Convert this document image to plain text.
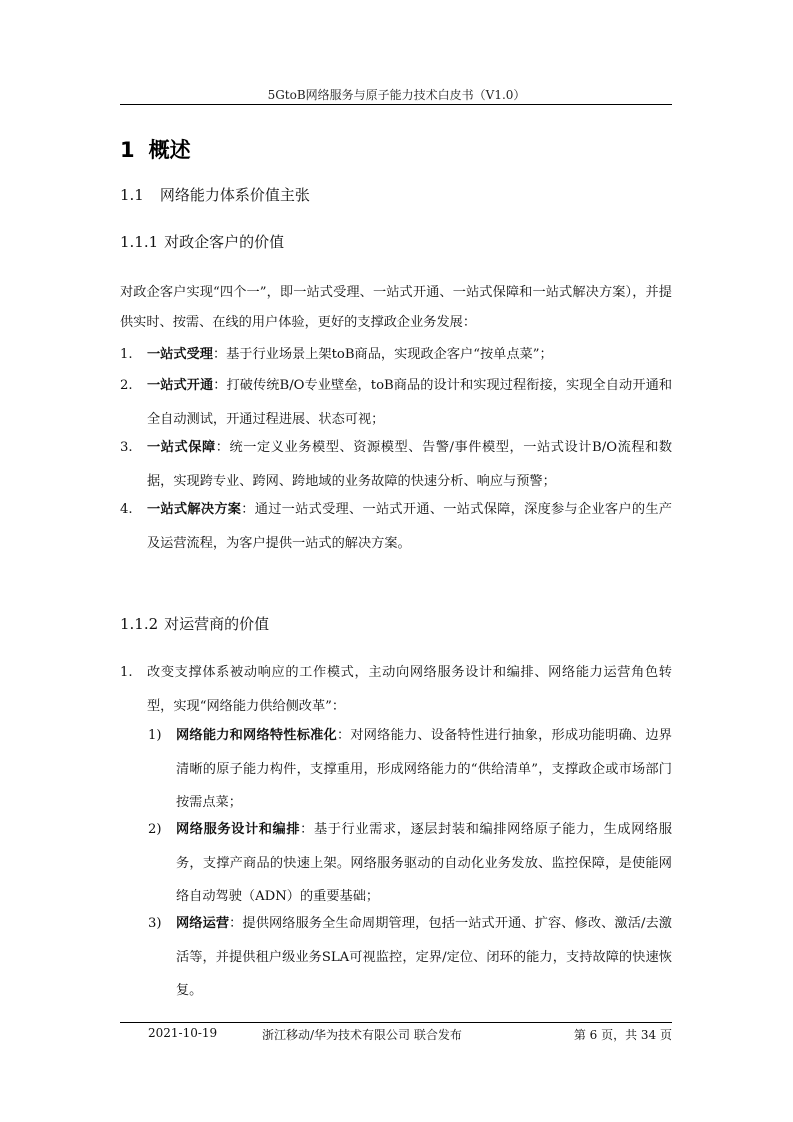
5GtoB网络服务与原子能力技术白皮书（V1.0）
1 概述
1.1 网络能力体系价值主张
1.1.1 对政企客户的价值
对政企客户实现“四个一”，即一站式受理、一站式开通、一站式保障和一站式解决方案），并提供实时、按需、在线的用户体验，更好的支撑政企业务发展：
1. 一站式受理：基于行业场景上架toB商品，实现政企客户“按单点菜”；
2. 一站式开通：打破传统B/O专业壁垒，toB商品的设计和实现过程衔接，实现全自动开通和全自动测试，开通过程进展、状态可视；
3. 一站式保障：统一定义业务模型、资源模型、告警/事件模型，一站式设计B/O流程和数据，实现跨专业、跨网、跨地域的业务故障的快速分析、响应与预警；
4. 一站式解决方案：通过一站式受理、一站式开通、一站式保障，深度参与企业客户的生产及运营流程，为客户提供一站式的解决方案。
1.1.2 对运营商的价值
1. 改变支撑体系被动响应的工作模式，主动向网络服务设计和编排、网络能力运营角色转型，实现“网络能力供给侧改革”：
1) 网络能力和网络特性标准化：对网络能力、设备特性进行抽象，形成功能明确、边界清晰的原子能力构件，支撑重用，形成网络能力的“供给清单”，支撑政企或市场部门按需点菜；
2) 网络服务设计和编排：基于行业需求，逐层封装和编排网络原子能力，生成网络服务，支撑产商品的快速上架。网络服务驱动的自动化业务发放、监控保障，是使能网络自动驾驶（ADN）的重要基础；
3) 网络运营：提供网络服务全生命周期管理，包括一站式开通、扩容、修改、激活/去激活等，并提供租户级业务SLA可视监控，定界/定位、闭环的能力，支持故障的快速恢复。
2021-10-19	浙江移动/华为技术有限公司 联合发布	第 6 页，共 34 页
